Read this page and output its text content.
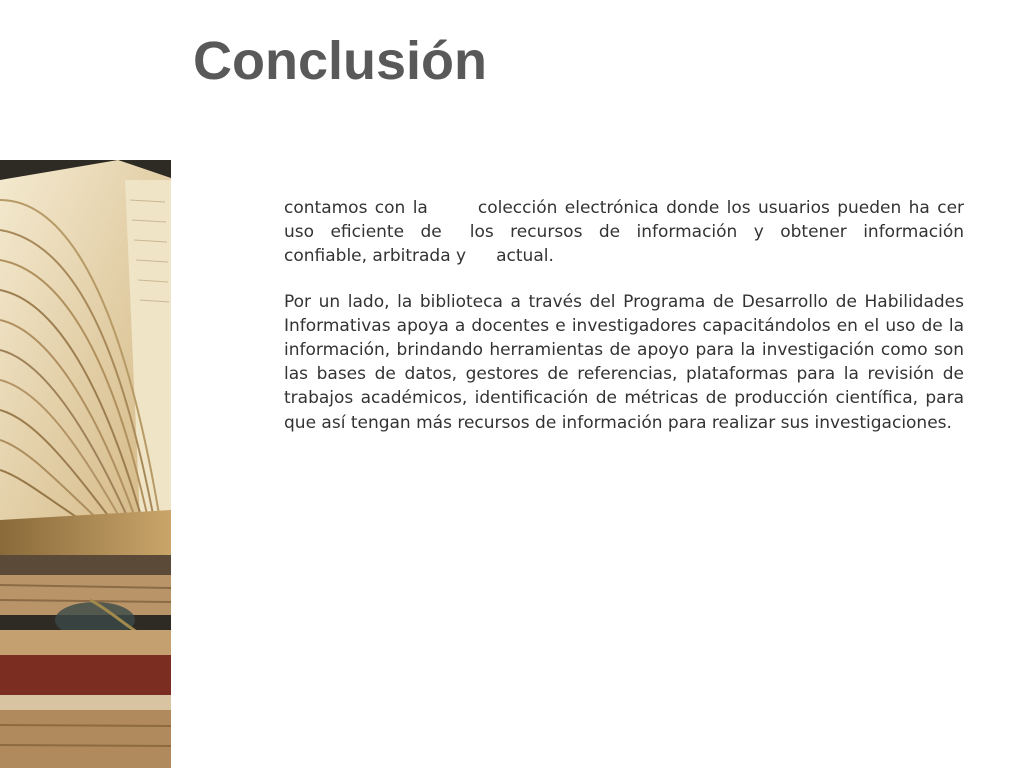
Conclusión

contamos con la	colección electrónica donde los usuarios pueden ha cer uso eficiente de los recursos de información y obtener información confiable, arbitrada y actual.

Por un lado, la biblioteca a través del Programa de Desarrollo de Habilidades Informativas apoya a docentes e investigadores capacitándolos en el uso de la información, brindando herramientas de apoyo para la investigación como son las bases de datos, gestores de referencias, plataformas para la revisión de trabajos académicos, identificación de métricas de producción científica, para que así tengan más recursos de información para realizar sus investigaciones.
